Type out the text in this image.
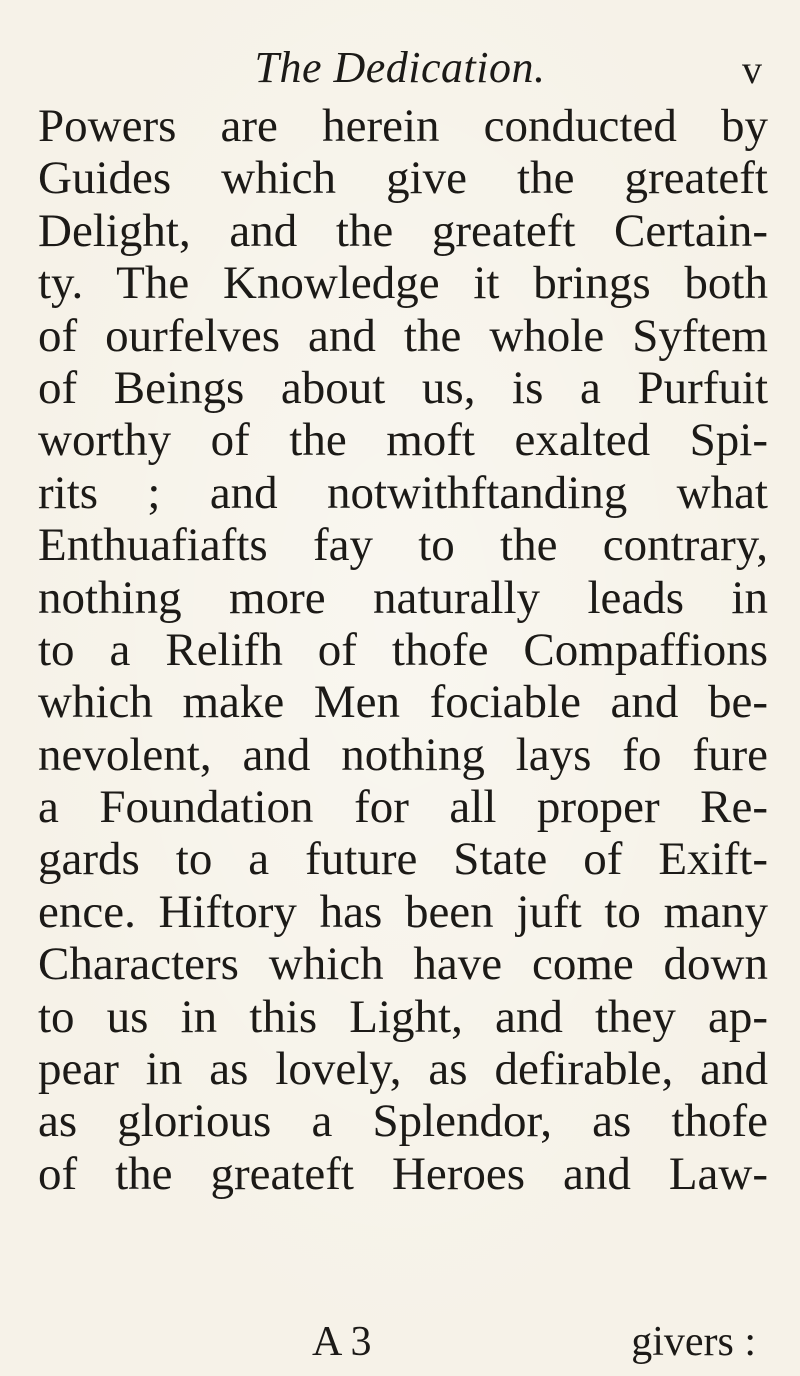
The Dedication.	v
Powers are herein conducted by
Guides which give the greateft
Delight, and the greateft Certain-
ty. The Knowledge it brings both
of ourfelves and the whole Syftem
of Beings about us, is a Purfuit
worthy of the moft exalted Spi-
rits ; and notwithftanding what
Enthuafiafts fay to the contrary,
nothing more naturally leads in
to a Relifh of thofe Compaffions
which make Men fociable and be-
nevolent, and nothing lays fo fure
a Foundation for all proper Re-
gards to a future State of Exift-
ence. Hiftory has been juft to many
Characters which have come down
to us in this Light, and they ap-
pear in as lovely, as defirable, and
as glorious a Splendor, as thofe
of the greateft Heroes and Law-
A 3	givers :
